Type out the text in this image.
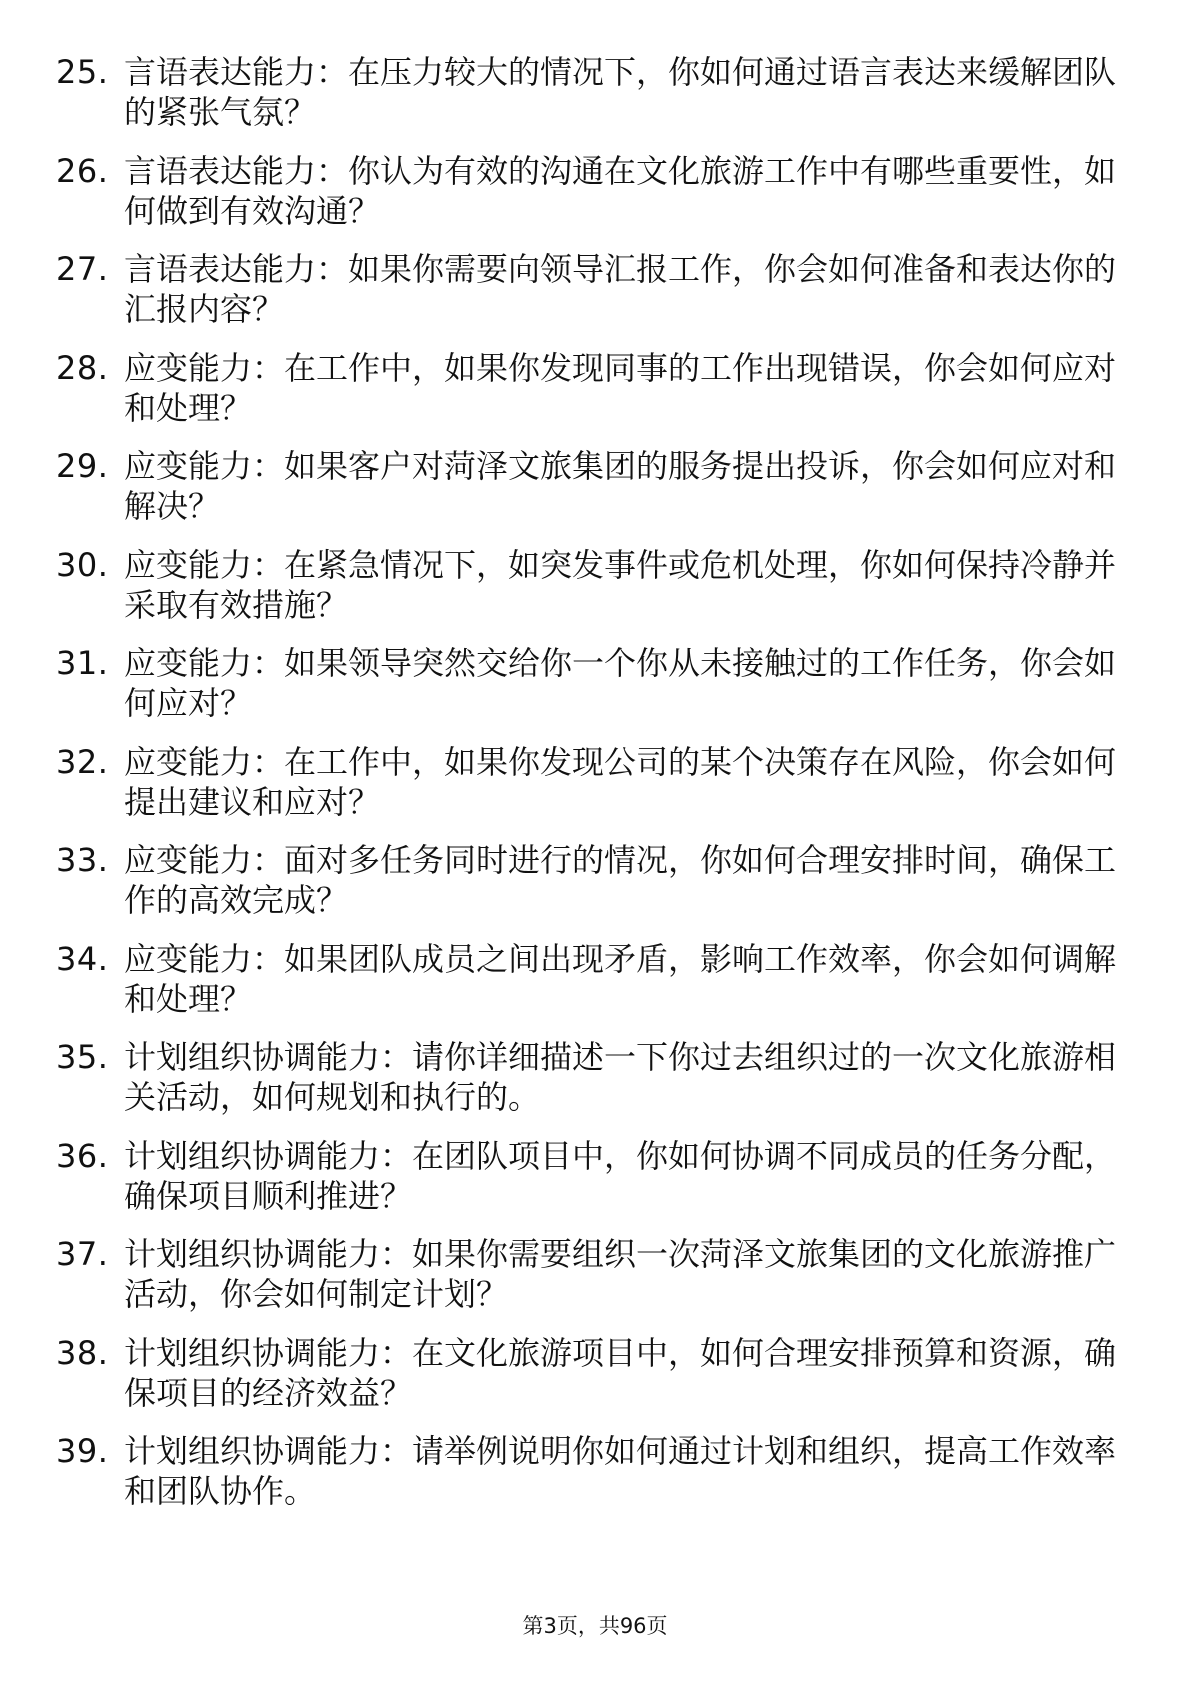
25. 言语表达能力：在压力较大的情况下，你如何通过语言表达来缓解团队的紧张气氛？
26. 言语表达能力：你认为有效的沟通在文化旅游工作中有哪些重要性，如何做到有效沟通？
27. 言语表达能力：如果你需要向领导汇报工作，你会如何准备和表达你的汇报内容？
28. 应变能力：在工作中，如果你发现同事的工作出现错误，你会如何应对和处理？
29. 应变能力：如果客户对菏泽文旅集团的服务提出投诉，你会如何应对和解决？
30. 应变能力：在紧急情况下，如突发事件或危机处理，你如何保持冷静并采取有效措施？
31. 应变能力：如果领导突然交给你一个你从未接触过的工作任务，你会如何应对？
32. 应变能力：在工作中，如果你发现公司的某个决策存在风险，你会如何提出建议和应对？
33. 应变能力：面对多任务同时进行的情况，你如何合理安排时间，确保工作的高效完成？
34. 应变能力：如果团队成员之间出现矛盾，影响工作效率，你会如何调解和处理？
35. 计划组织协调能力：请你详细描述一下你过去组织过的一次文化旅游相关活动，如何规划和执行的。
36. 计划组织协调能力：在团队项目中，你如何协调不同成员的任务分配，确保项目顺利推进？
37. 计划组织协调能力：如果你需要组织一次菏泽文旅集团的文化旅游推广活动，你会如何制定计划？
38. 计划组织协调能力：在文化旅游项目中，如何合理安排预算和资源，确保项目的经济效益？
39. 计划组织协调能力：请举例说明你如何通过计划和组织，提高工作效率和团队协作。
第3页，共96页
